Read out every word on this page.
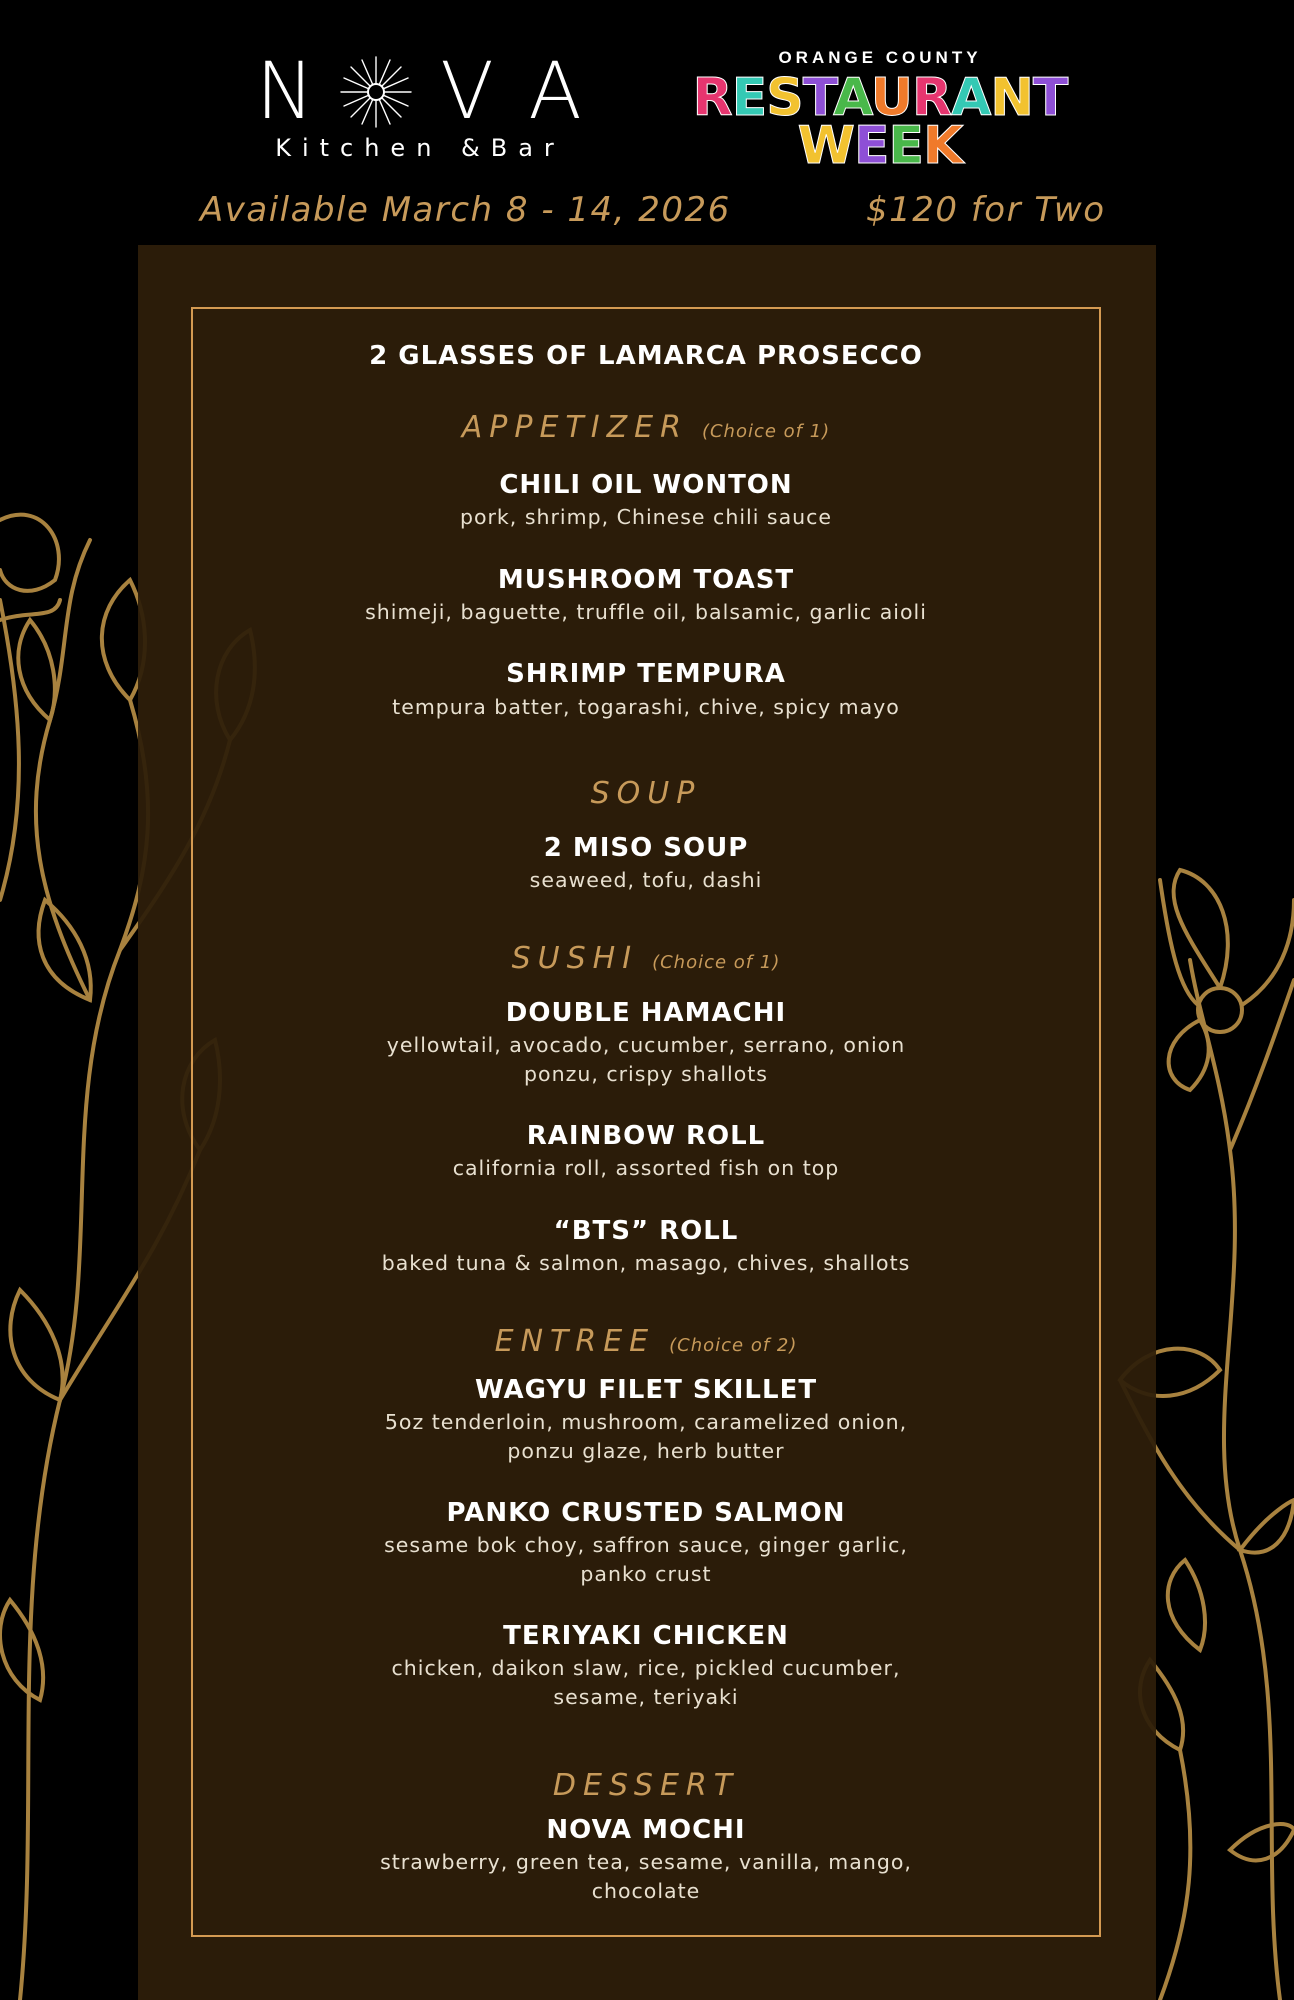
N V A
Kitchen &Bar
ORANGE COUNTY
RESTAURANT
WEEK
Available March 8 - 14, 2026	$120 for Two
2 GLASSES OF LAMARCA PROSECCO
APPETIZER (Choice of 1)
CHILI OIL WONTON
pork, shrimp, Chinese chili sauce
MUSHROOM TOAST
shimeji, baguette, truffle oil, balsamic, garlic aioli
SHRIMP TEMPURA
tempura batter, togarashi, chive, spicy mayo
SOUP
2 MISO SOUP
seaweed, tofu, dashi
SUSHI (Choice of 1)
DOUBLE HAMACHI
yellowtail, avocado, cucumber, serrano, onion
ponzu, crispy shallots
RAINBOW ROLL
california roll, assorted fish on top
“BTS” ROLL
baked tuna & salmon, masago, chives, shallots
ENTREE (Choice of 2)
WAGYU FILET SKILLET
5oz tenderloin, mushroom, caramelized onion,
ponzu glaze, herb butter
PANKO CRUSTED SALMON
sesame bok choy, saffron sauce, ginger garlic,
panko crust
TERIYAKI CHICKEN
chicken, daikon slaw, rice, pickled cucumber,
sesame, teriyaki
DESSERT
NOVA MOCHI
strawberry, green tea, sesame, vanilla, mango,
chocolate
